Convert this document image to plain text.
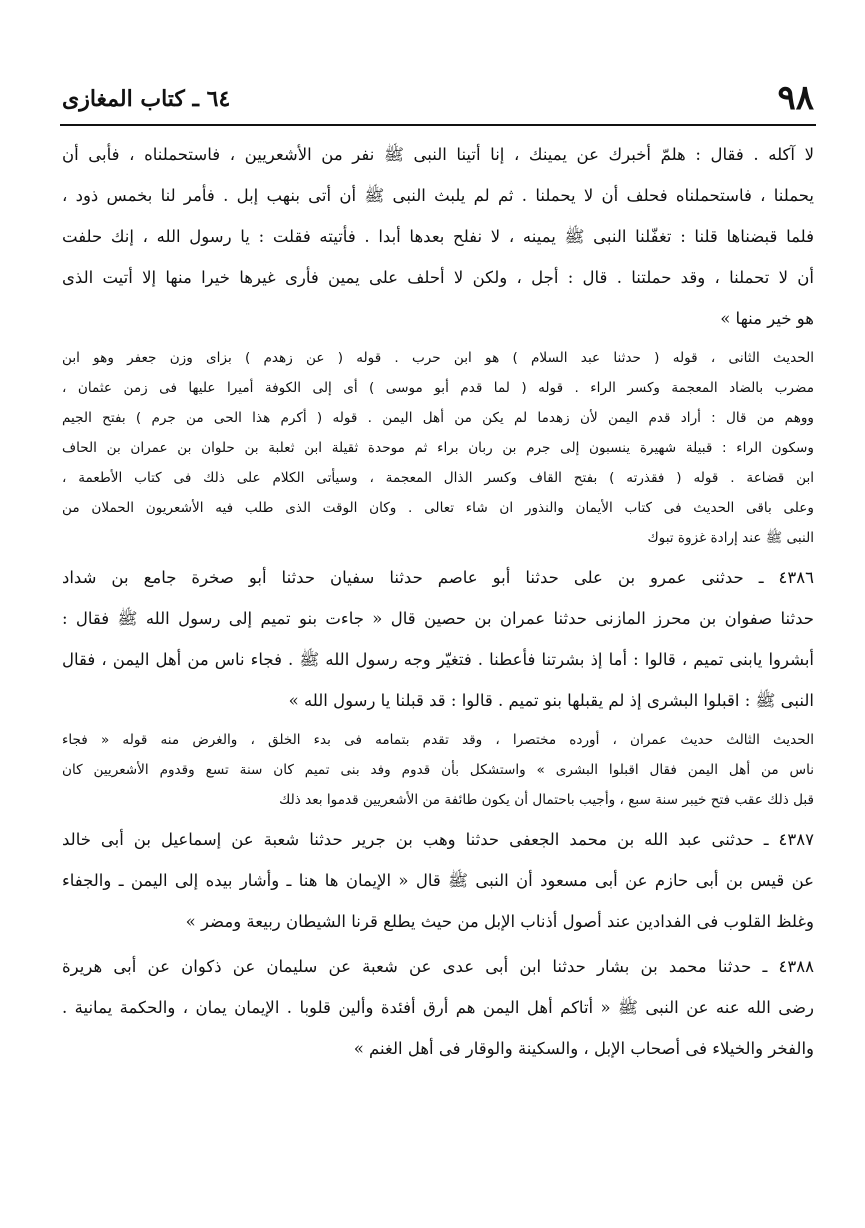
٦٤ ـ كتاب المغازى	٩٨
لا آكله . فقال : هلمّ أخبرك عن يمينك ، إنا أتينا النبى ﷺ نفر من الأشعريين ، فاستحملناه ، فأبى أن
يحملنا ، فاستحملناه فحلف أن لا يحملنا . ثم لم يلبث النبى ﷺ أن أتى بنهب إبل . فأمر لنا بخمس ذود ،
فلما قبضناها قلنا : تغفّلنا النبى ﷺ يمينه ، لا نفلح بعدها أبدا . فأتيته فقلت : يا رسول الله ، إنك حلفت
أن لا تحملنا ، وقد حملتنا . قال : أجل ، ولكن لا أحلف على يمين فأرى غيرها خيرا منها إلا أتيت الذى
هو خير منها »
الحديث الثانى ، قوله ( حدثنا عبد السلام ) هو ابن حرب . قوله ( عن زهدم ) بزاى وزن جعفر وهو ابن
مضرب بالضاد المعجمة وكسر الراء . قوله ( لما قدم أبو موسى ) أى إلى الكوفة أميرا عليها فى زمن عثمان ،
ووهم من قال : أراد قدم اليمن لأن زهدما لم يكن من أهل اليمن . قوله ( أكرم هذا الحى من جرم ) بفتح الجيم
وسكون الراء : قبيلة شهيرة ينسبون إلى جرم بن ربان براء ثم موحدة ثقيلة ابن ثعلبة بن حلوان بن عمران بن الحاف
ابن قضاعة . قوله ( فقذرته ) بفتح القاف وكسر الذال المعجمة ، وسيأتى الكلام على ذلك فى كتاب الأطعمة ،
وعلى باقى الحديث فى كتاب الأيمان والنذور ان شاء تعالى . وكان الوقت الذى طلب فيه الأشعريون الحملان من
النبى ﷺ عند إرادة غزوة تبوك
٤٣٨٦ ـ حدثنى عمرو بن على حدثنا أبو عاصم حدثنا سفيان حدثنا أبو صخرة جامع بن شداد
حدثنا صفوان بن محرز المازنى حدثنا عمران بن حصين قال « جاءت بنو تميم إلى رسول الله ﷺ فقال :
أبشروا يابنى تميم ، قالوا : أما إذ بشرتنا فأعطنا . فتغيّر وجه رسول الله ﷺ . فجاء ناس من أهل اليمن ، فقال
النبى ﷺ : اقبلوا البشرى إذ لم يقبلها بنو تميم . قالوا : قد قبلنا يا رسول الله »
الحديث الثالث حديث عمران ، أورده مختصرا ، وقد تقدم بتمامه فى بدء الخلق ، والغرض منه قوله « فجاء
ناس من أهل اليمن فقال اقبلوا البشرى » واستشكل بأن قدوم وفد بنى تميم كان سنة تسع وقدوم الأشعريين كان
قبل ذلك عقب فتح خيبر سنة سبع ، وأجيب باحتمال أن يكون طائفة من الأشعريين قدموا بعد ذلك
٤٣٨٧ ـ حدثنى عبد الله بن محمد الجعفى حدثنا وهب بن جرير حدثنا شعبة عن إسماعيل بن أبى خالد
عن قيس بن أبى حازم عن أبى مسعود أن النبى ﷺ قال « الإيمان ها هنا ـ وأشار بيده إلى اليمن ـ والجفاء
وغلظ القلوب فى الفدادين عند أصول أذناب الإبل من حيث يطلع قرنا الشيطان ربيعة ومضر »
٤٣٨٨ ـ حدثنا محمد بن بشار حدثنا ابن أبى عدى عن شعبة عن سليمان عن ذكوان عن أبى هريرة
رضى الله عنه عن النبى ﷺ « أتاكم أهل اليمن هم أرق أفئدة وألين قلوبا . الإيمان يمان ، والحكمة يمانية .
والفخر والخيلاء فى أصحاب الإبل ، والسكينة والوقار فى أهل الغنم »
